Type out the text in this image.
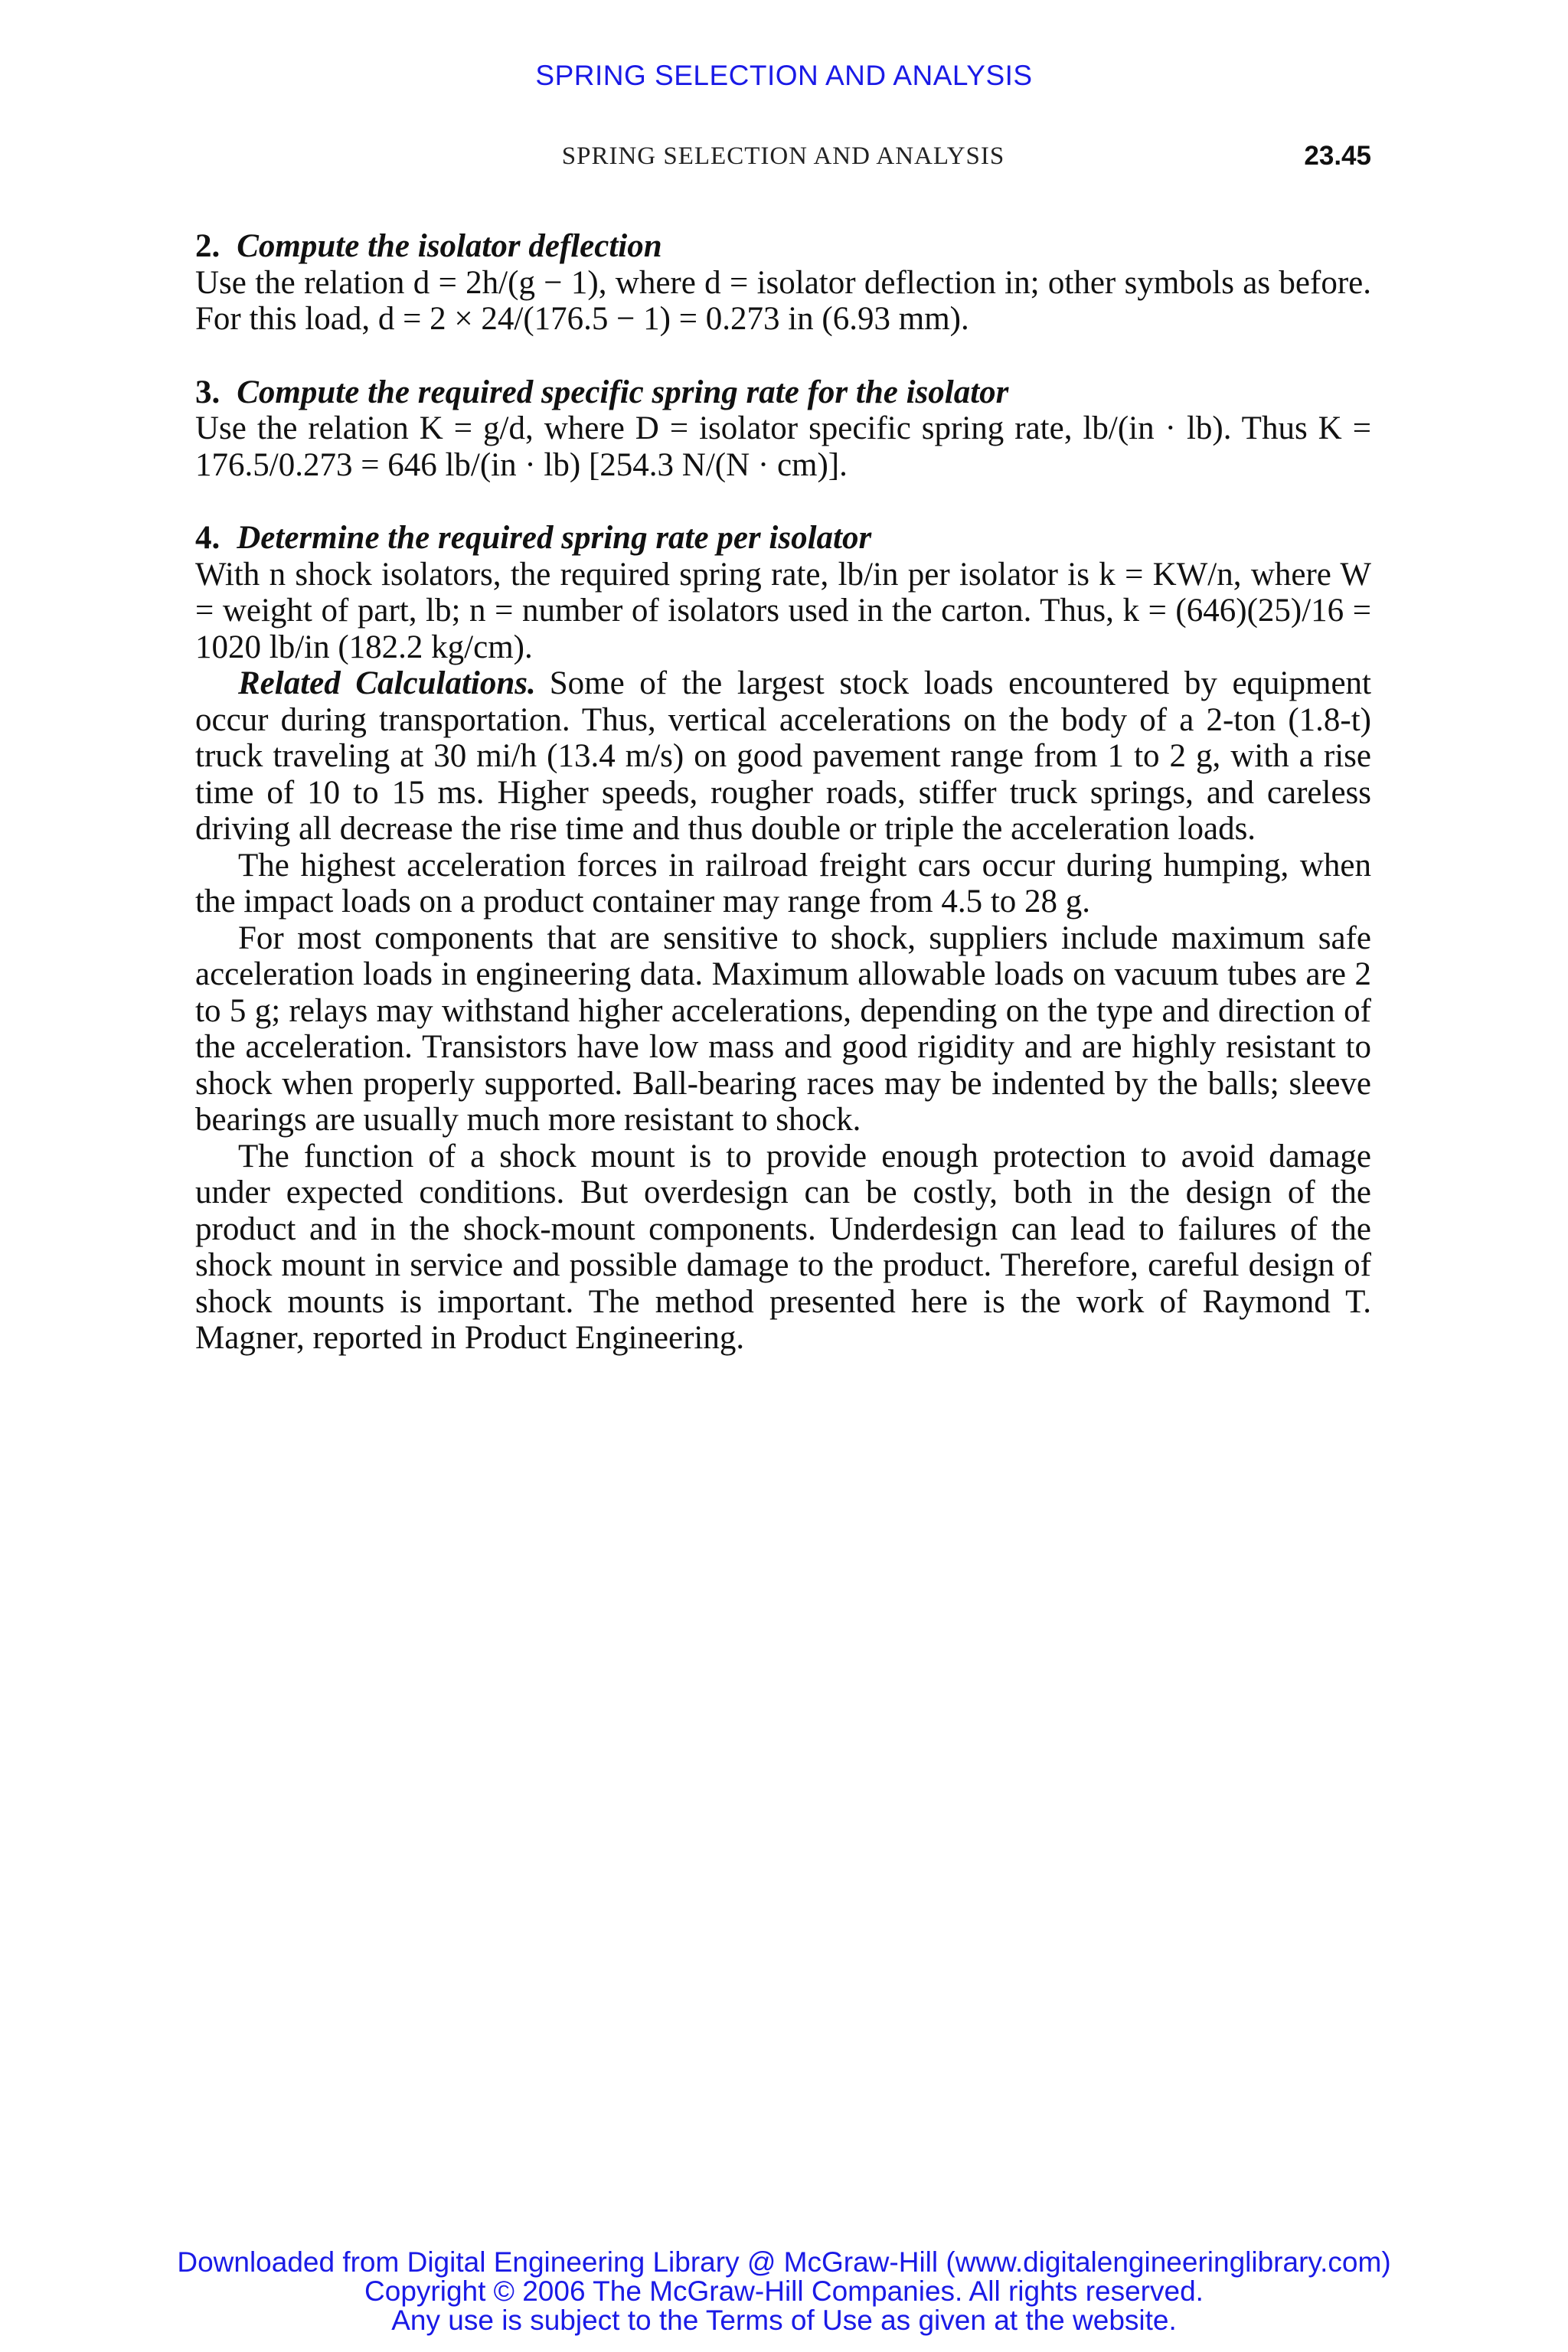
SPRING SELECTION AND ANALYSIS
SPRING SELECTION AND ANALYSIS	23.45
2. Compute the isolator deflection

Use the relation d = 2h/(g − 1), where d = isolator deflection in; other symbols as before. For this load, d = 2 × 24/(176.5 − 1) = 0.273 in (6.93 mm).

3. Compute the required specific spring rate for the isolator

Use the relation K = g/d, where D = isolator specific spring rate, lb/(in · lb). Thus K = 176.5/0.273 = 646 lb/(in · lb) [254.3 N/(N · cm)].

4. Determine the required spring rate per isolator

With n shock isolators, the required spring rate, lb/in per isolator is k = KW/n, where W = weight of part, lb; n = number of isolators used in the carton. Thus, k = (646)(25)/16 = 1020 lb/in (182.2 kg/cm).

Related Calculations. Some of the largest stock loads encountered by equipment occur during transportation. Thus, vertical accelerations on the body of a 2-ton (1.8-t) truck traveling at 30 mi/h (13.4 m/s) on good pavement range from 1 to 2 g, with a rise time of 10 to 15 ms. Higher speeds, rougher roads, stiffer truck springs, and careless driving all decrease the rise time and thus double or triple the acceleration loads.

The highest acceleration forces in railroad freight cars occur during humping, when the impact loads on a product container may range from 4.5 to 28 g.

For most components that are sensitive to shock, suppliers include maximum safe acceleration loads in engineering data. Maximum allowable loads on vacuum tubes are 2 to 5 g; relays may withstand higher accelerations, depending on the type and direction of the acceleration. Transistors have low mass and good rigidity and are highly resistant to shock when properly supported. Ball-bearing races may be indented by the balls; sleeve bearings are usually much more resistant to shock.

The function of a shock mount is to provide enough protection to avoid damage under expected conditions. But overdesign can be costly, both in the design of the product and in the shock-mount components. Underdesign can lead to failures of the shock mount in service and possible damage to the product. Therefore, careful design of shock mounts is important. The method presented here is the work of Raymond T. Magner, reported in Product Engineering.

Downloaded from Digital Engineering Library @ McGraw-Hill (www.digitalengineeringlibrary.com)
Copyright © 2006 The McGraw-Hill Companies. All rights reserved.
Any use is subject to the Terms of Use as given at the website.
